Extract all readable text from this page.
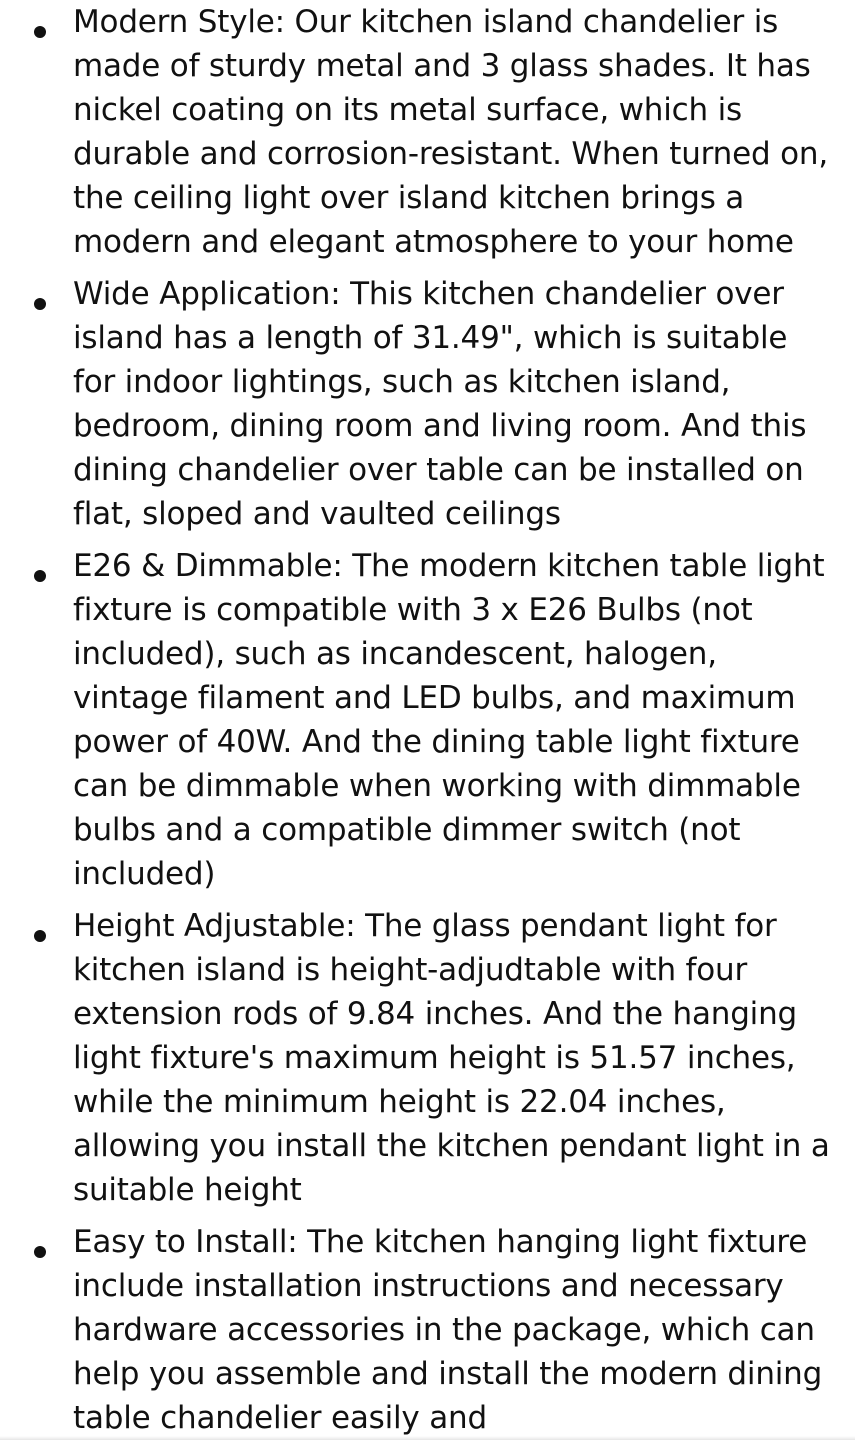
Modern Style: Our kitchen island chandelier is made of sturdy metal and 3 glass shades. It has nickel coating on its metal surface, which is durable and corrosion-resistant. When turned on, the ceiling light over island kitchen brings a modern and elegant atmosphere to your home
Wide Application: This kitchen chandelier over island has a length of 31.49", which is suitable for indoor lightings, such as kitchen island, bedroom, dining room and living room. And this dining chandelier over table can be installed on flat, sloped and vaulted ceilings
E26 & Dimmable: The modern kitchen table light fixture is compatible with 3 x E26 Bulbs (not included), such as incandescent, halogen, vintage filament and LED bulbs, and maximum power of 40W. And the dining table light fixture can be dimmable when working with dimmable bulbs and a compatible dimmer switch (not included)
Height Adjustable: The glass pendant light for kitchen island is height-adjudtable with four extension rods of 9.84 inches. And the hanging light fixture's maximum height is 51.57 inches, while the minimum height is 22.04 inches, allowing you install the kitchen pendant light in a suitable height
Easy to Install: The kitchen hanging light fixture include installation instructions and necessary hardware accessories in the package, which can help you assemble and install the modern dining table chandelier easily and
